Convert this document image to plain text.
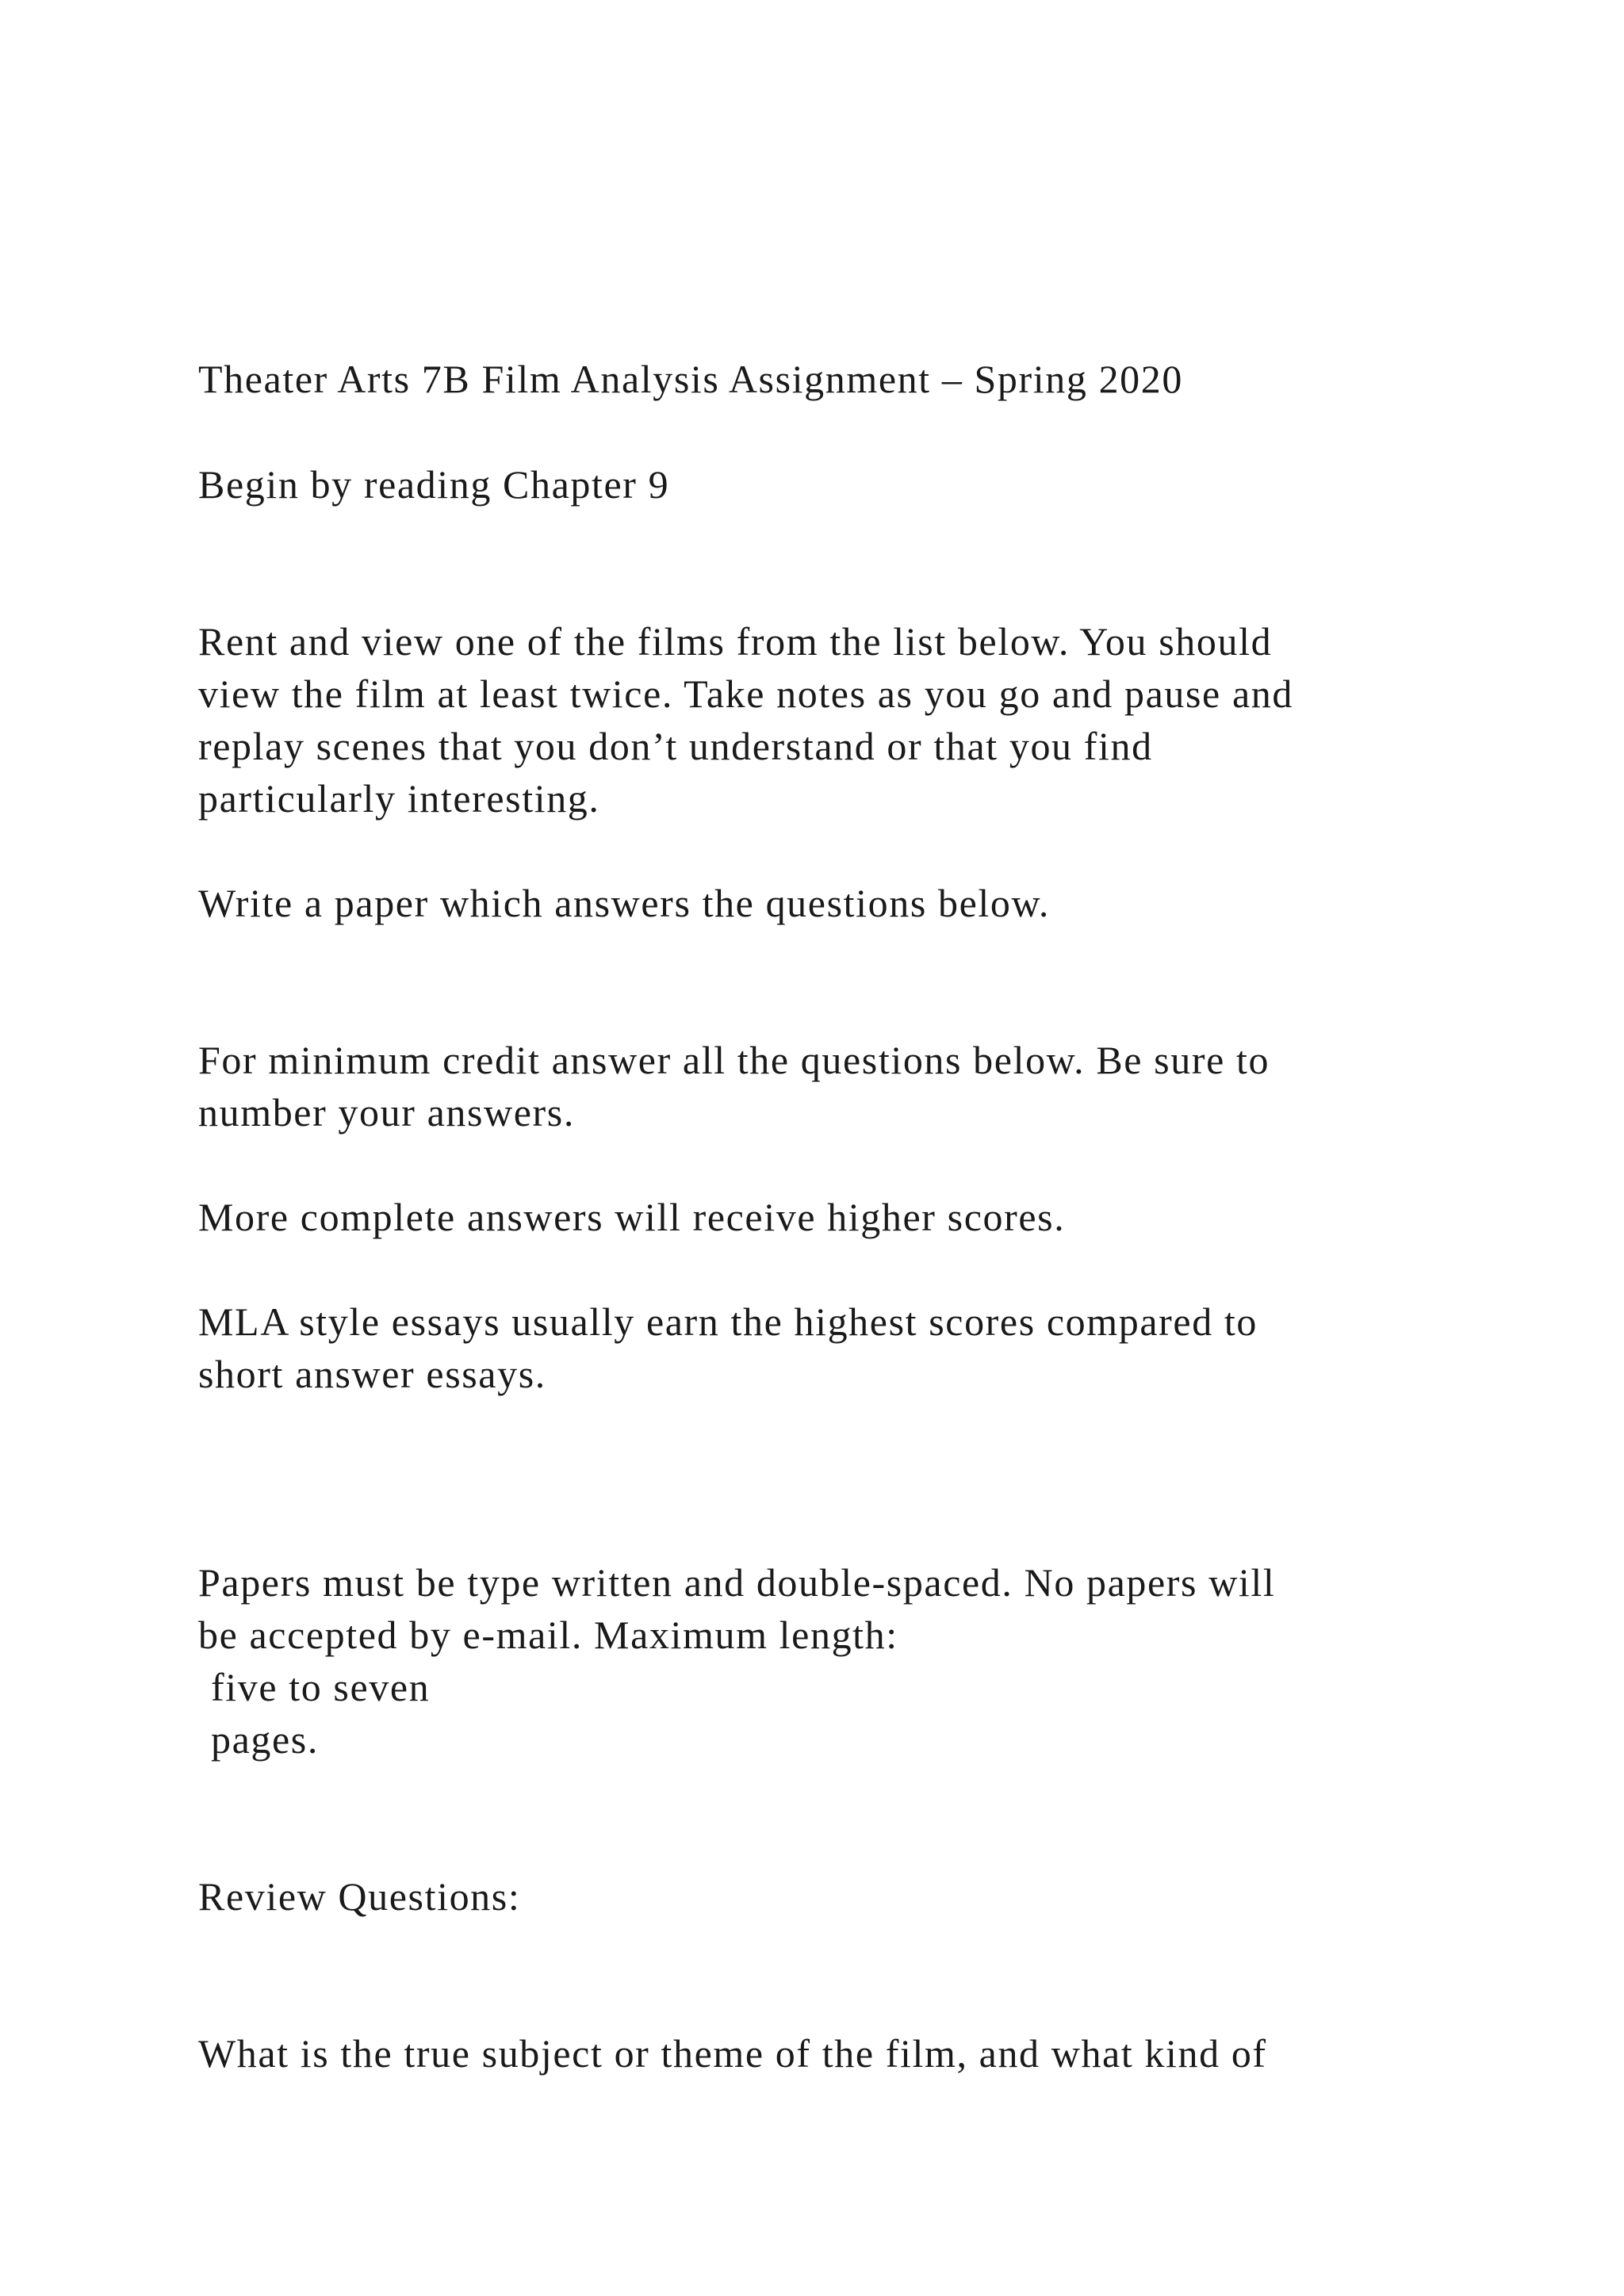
Theater Arts 7B Film Analysis Assignment – Spring 2020
Begin by reading Chapter 9
Rent and view one of the films from the list below. You should
view the film at least twice. Take notes as you go and pause and
replay scenes that you don’t understand or that you find
particularly interesting.
Write a paper which answers the questions below.
For minimum credit answer all the questions below. Be sure to
number your answers.
More complete answers will receive higher scores.
MLA style essays usually earn the highest scores compared to
short answer essays.
Papers must be type written and double-spaced. No papers will
be accepted by e-mail. Maximum length:
five to seven
pages.
Review Questions:
What is the true subject or theme of the film, and what kind of
